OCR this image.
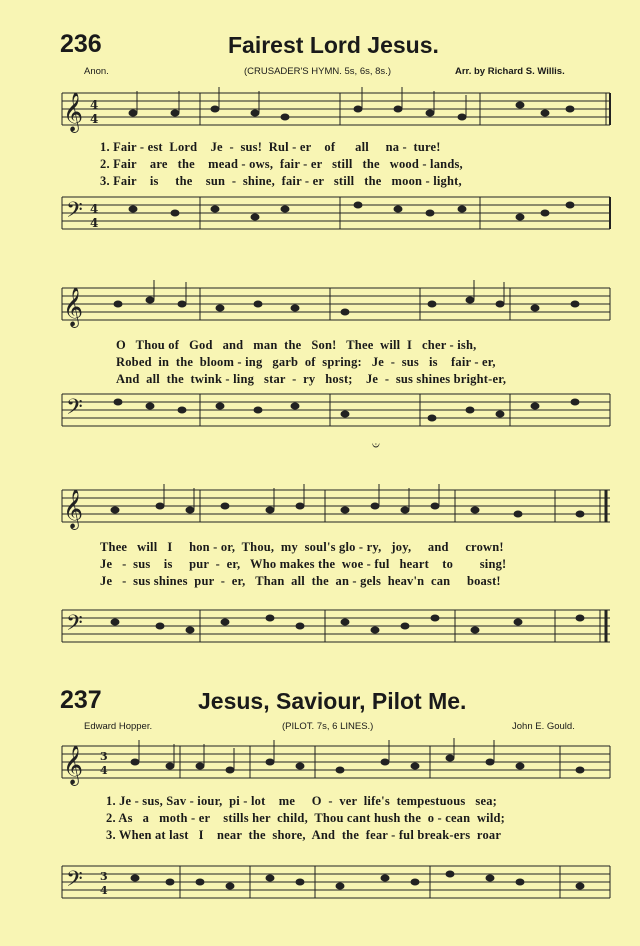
236	Fairest Lord Jesus.
Anon.	(CRUSADER'S HYMN. 5s, 6s, 8s.)	Arr. by Richard S. Willis.
𝄞 4
4
1. Fair - est  Lord    Je  -  sus!  Rul - er    of      all     na -  ture!
2. Fair    are   the    mead - ows,  fair - er   still   the   wood - lands,
3. Fair    is     the    sun  -  shine,  fair - er   still   the   moon - light,
𝄢 4
4
𝄞
O   Thou of   God   and   man  the   Son!   Thee  will  I   cher - ish,
Robed  in  the  bloom - ing   garb  of  spring:   Je  -  sus   is    fair - er,
And  all  the  twink - ling   star  -  ry   host;    Je  -  sus shines bright-er,
𝄢
𝄑
𝄞
Thee   will   I     hon - or,  Thou,  my  soul's glo - ry,   joy,     and     crown!
Je   -  sus    is     pur  -  er,   Who makes the  woe - ful   heart    to        sing!
Je   -  sus shines  pur  -  er,   Than  all  the  an - gels  heav'n  can     boast!
𝄢
237	Jesus, Saviour, Pilot Me.
Edward Hopper.	(PILOT. 7s, 6 LINES.)	John E. Gould.
𝄞 3
4
1. Je - sus, Sav - iour,  pi - lot    me     O  -  ver  life's  tempestuous   sea;
2. As   a   moth - er    stills her  child,  Thou cant hush the  o - cean  wild;
3. When at last   I    near  the  shore,  And  the  fear - ful break-ers  roar
𝄢 3
4
